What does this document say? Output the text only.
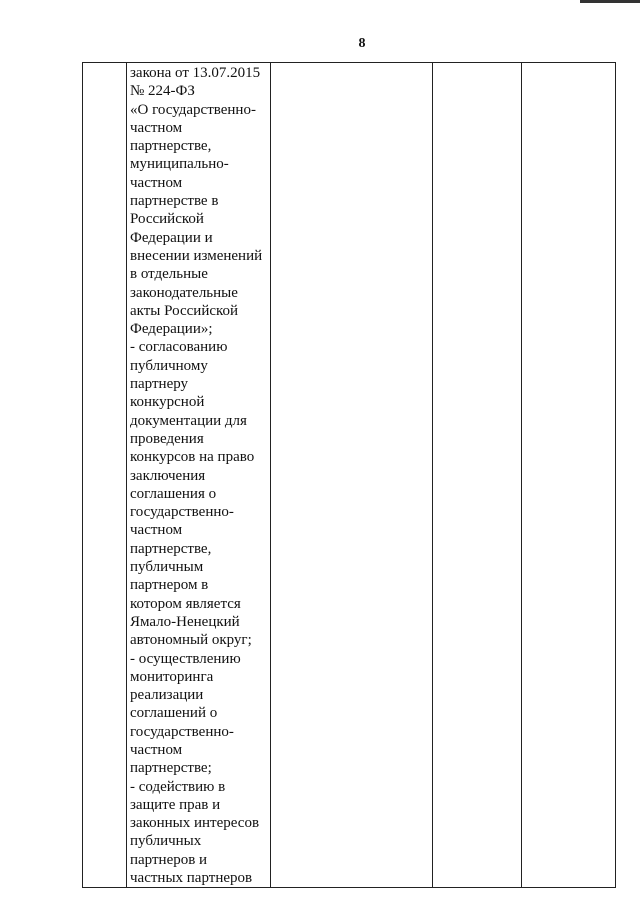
8

закона от 13.07.2015
№ 224-ФЗ
«О государственно-
частном
партнерстве,
муниципально-
частном
партнерстве в
Российской
Федерации и
внесении изменений
в отдельные
законодательные
акты Российской
Федерации»;
- согласованию
публичному
партнеру
конкурсной
документации для
проведения
конкурсов на право
заключения
соглашения о
государственно-
частном
партнерстве,
публичным
партнером в
котором является
Ямало-Ненецкий
автономный округ;
- осуществлению
мониторинга
реализации
соглашений о
государственно-
частном
партнерстве;
- содействию в
защите прав и
законных интересов
публичных
партнеров и
частных партнеров
